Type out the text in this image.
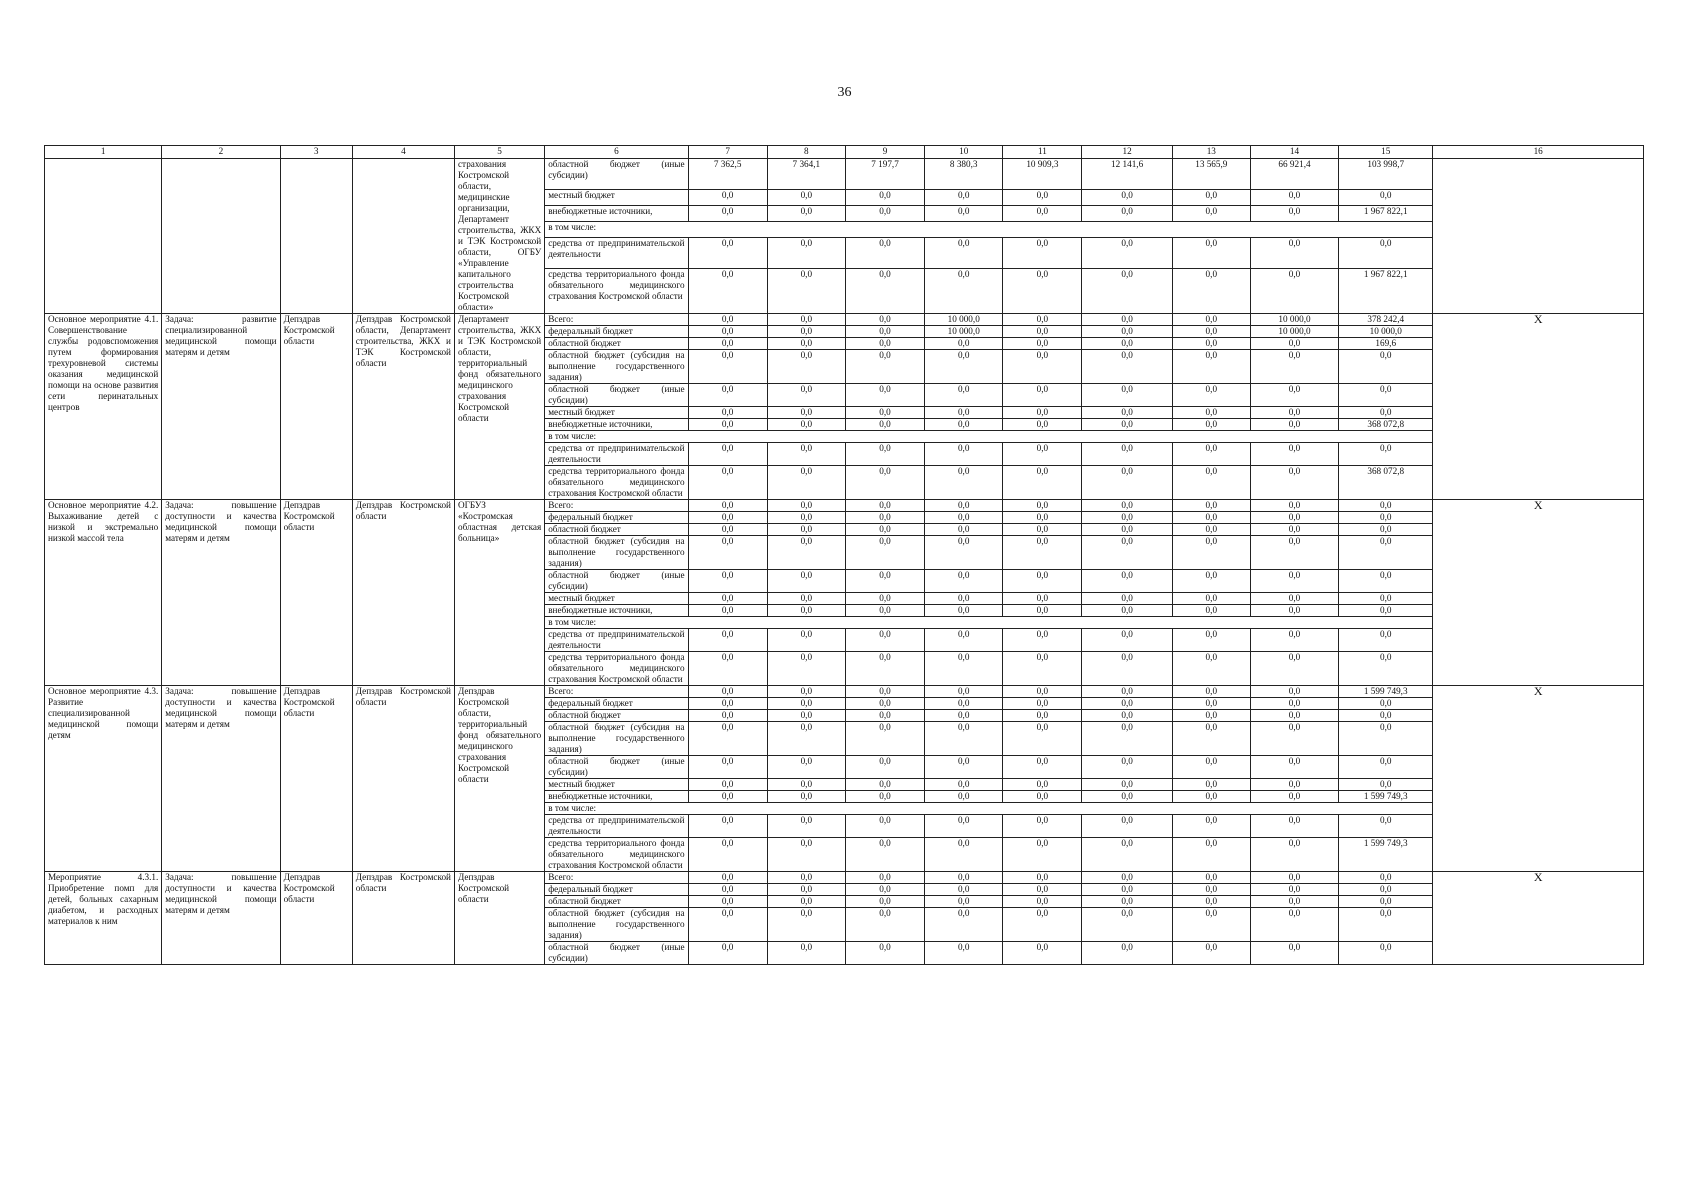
36
1	2	3	4	5	6	7	8	9	10	11	12	13	14	15	16
				страхования Костромской области, медицинские организации, Департамент строительства, ЖКХ и ТЭК Костромской области, ОГБУ «Управление капитального строительства Костромской области»	областной бюджет (иные субсидии)	7 362,5	7 364,1	7 197,7	8 380,3	10 909,3	12 141,6	13 565,9	66 921,4	103 998,7	
					местный бюджет	0,0	0,0	0,0	0,0	0,0	0,0	0,0	0,0	0,0	
					внебюджетные источники,	0,0	0,0	0,0	0,0	0,0	0,0	0,0	0,0	1 967 822,1	
					в том числе:										
					средства от предпринимательской деятельности	0,0	0,0	0,0	0,0	0,0	0,0	0,0	0,0	0,0	
					средства территориального фонда обязательного медицинского страхования Костромской области	0,0	0,0	0,0	0,0	0,0	0,0	0,0	0,0	1 967 822,1	
Основное мероприятие 4.1. Совершенствование службы родовспоможения путем формирования трехуровневой системы оказания медицинской помощи на основе развития сети перинатальных центров	Задача: развитие специализированной медицинской помощи матерям и детям	Депздрав Костромской области	Депздрав Костромской области, Департамент строительства, ЖКХ и ТЭК Костромской области	Департамент строительства, ЖКХ и ТЭК Костромской области, территориальный фонд обязательного медицинского страхования Костромской области	Всего:	0,0	0,0	0,0	10 000,0	0,0	0,0	0,0	10 000,0	378 242,4	X
					федеральный бюджет	0,0	0,0	0,0	10 000,0	0,0	0,0	0,0	10 000,0	10 000,0	
					областной бюджет	0,0	0,0	0,0	0,0	0,0	0,0	0,0	0,0	169,6	
					областной бюджет (субсидия на выполнение государственного задания)	0,0	0,0	0,0	0,0	0,0	0,0	0,0	0,0	0,0	
					областной бюджет (иные субсидии)	0,0	0,0	0,0	0,0	0,0	0,0	0,0	0,0	0,0	
					местный бюджет	0,0	0,0	0,0	0,0	0,0	0,0	0,0	0,0	0,0	
					внебюджетные источники,	0,0	0,0	0,0	0,0	0,0	0,0	0,0	0,0	368 072,8	
					в том числе:										
					средства от предпринимательской деятельности	0,0	0,0	0,0	0,0	0,0	0,0	0,0	0,0	0,0	
					средства территориального фонда обязательного медицинского страхования Костромской области	0,0	0,0	0,0	0,0	0,0	0,0	0,0	0,0	368 072,8	
Основное мероприятие 4.2. Выхаживание детей с низкой и экстремально низкой массой тела	Задача: повышение доступности и качества медицинской помощи матерям и детям	Депздрав Костромской области	Депздрав Костромской области	ОГБУЗ «Костромская областная детская больница»	Всего:	0,0	0,0	0,0	0,0	0,0	0,0	0,0	0,0	0,0	X
					федеральный бюджет	0,0	0,0	0,0	0,0	0,0	0,0	0,0	0,0	0,0	
					областной бюджет	0,0	0,0	0,0	0,0	0,0	0,0	0,0	0,0	0,0	
					областной бюджет (субсидия на выполнение государственного задания)	0,0	0,0	0,0	0,0	0,0	0,0	0,0	0,0	0,0	
					областной бюджет (иные субсидии)	0,0	0,0	0,0	0,0	0,0	0,0	0,0	0,0	0,0	
					местный бюджет	0,0	0,0	0,0	0,0	0,0	0,0	0,0	0,0	0,0	
					внебюджетные источники,	0,0	0,0	0,0	0,0	0,0	0,0	0,0	0,0	0,0	
					в том числе:										
					средства от предпринимательской деятельности	0,0	0,0	0,0	0,0	0,0	0,0	0,0	0,0	0,0	
					средства территориального фонда обязательного медицинского страхования Костромской области	0,0	0,0	0,0	0,0	0,0	0,0	0,0	0,0	0,0	
Основное мероприятие 4.3. Развитие специализированной медицинской помощи детям	Задача: повышение доступности и качества медицинской помощи матерям и детям	Депздрав Костромской области	Депздрав Костромской области	Депздрав Костромской области, территориальный фонд обязательного медицинского страхования Костромской области	Всего:	0,0	0,0	0,0	0,0	0,0	0,0	0,0	0,0	1 599 749,3	X
					федеральный бюджет	0,0	0,0	0,0	0,0	0,0	0,0	0,0	0,0	0,0	
					областной бюджет	0,0	0,0	0,0	0,0	0,0	0,0	0,0	0,0	0,0	
					областной бюджет (субсидия на выполнение государственного задания)	0,0	0,0	0,0	0,0	0,0	0,0	0,0	0,0	0,0	
					областной бюджет (иные субсидии)	0,0	0,0	0,0	0,0	0,0	0,0	0,0	0,0	0,0	
					местный бюджет	0,0	0,0	0,0	0,0	0,0	0,0	0,0	0,0	0,0	
					внебюджетные источники,	0,0	0,0	0,0	0,0	0,0	0,0	0,0	0,0	1 599 749,3	
					в том числе:										
					средства от предпринимательской деятельности	0,0	0,0	0,0	0,0	0,0	0,0	0,0	0,0	0,0	
					средства территориального фонда обязательного медицинского страхования Костромской области	0,0	0,0	0,0	0,0	0,0	0,0	0,0	0,0	1 599 749,3	
Мероприятие 4.3.1. Приобретение помп для детей, больных сахарным диабетом, и расходных материалов к ним	Задача: повышение доступности и качества медицинской помощи матерям и детям	Депздрав Костромской области	Депздрав Костромской области	Депздрав Костромской области	Всего:	0,0	0,0	0,0	0,0	0,0	0,0	0,0	0,0	0,0	X
					федеральный бюджет	0,0	0,0	0,0	0,0	0,0	0,0	0,0	0,0	0,0	
					областной бюджет	0,0	0,0	0,0	0,0	0,0	0,0	0,0	0,0	0,0	
					областной бюджет (субсидия на выполнение государственного задания)	0,0	0,0	0,0	0,0	0,0	0,0	0,0	0,0	0,0	
					областной бюджет (иные субсидии)	0,0	0,0	0,0	0,0	0,0	0,0	0,0	0,0	0,0	
